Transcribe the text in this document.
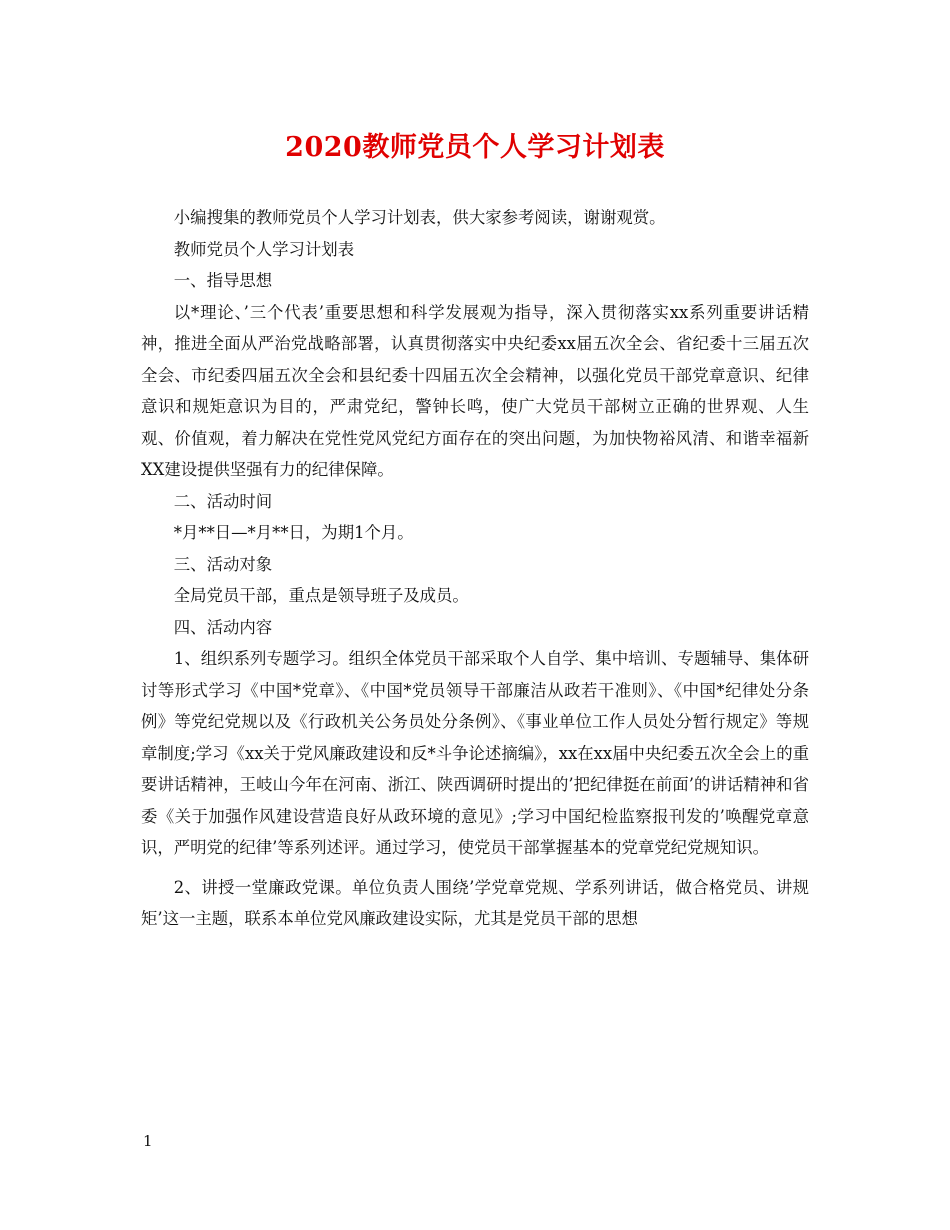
2020教师党员个人学习计划表

小编搜集的教师党员个人学习计划表，供大家参考阅读，谢谢观赏。

教师党员个人学习计划表

一、指导思想

以*理论、’三个代表’重要思想和科学发展观为指导，深入贯彻落实xx系列重要讲话精神，推进全面从严治党战略部署，认真贯彻落实中央纪委xx届五次全会、省纪委十三届五次全会、市纪委四届五次全会和县纪委十四届五次全会精神，以强化党员干部党章意识、纪律意识和规矩意识为目的，严肃党纪，警钟长鸣，使广大党员干部树立正确的世界观、人生观、价值观，着力解决在党性党风党纪方面存在的突出问题，为加快物裕风清、和谐幸福新XX建设提供坚强有力的纪律保障。

二、活动时间

*月**日—*月**日，为期1个月。

三、活动对象

全局党员干部，重点是领导班子及成员。

四、活动内容

1、组织系列专题学习。组织全体党员干部采取个人自学、集中培训、专题辅导、集体研讨等形式学习《中国*党章》、《中国*党员领导干部廉洁从政若干准则》、《中国*纪律处分条例》等党纪党规以及《行政机关公务员处分条例》、《事业单位工作人员处分暂行规定》等规章制度;学习《xx关于党风廉政建设和反*斗争论述摘编》，xx在xx届中央纪委五次全会上的重要讲话精神，王岐山今年在河南、浙江、陕西调研时提出的’把纪律挺在前面’的讲话精神和省委《关于加强作风建设营造良好从政环境的意见》;学习中国纪检监察报刊发的’唤醒党章意识，严明党的纪律’等系列述评。通过学习，使党员干部掌握基本的党章党纪党规知识。

2、讲授一堂廉政党课。单位负责人围绕’学党章党规、学系列讲话，做合格党员、讲规矩’这一主题，联系本单位党风廉政建设实际，尤其是党员干部的思想

1
